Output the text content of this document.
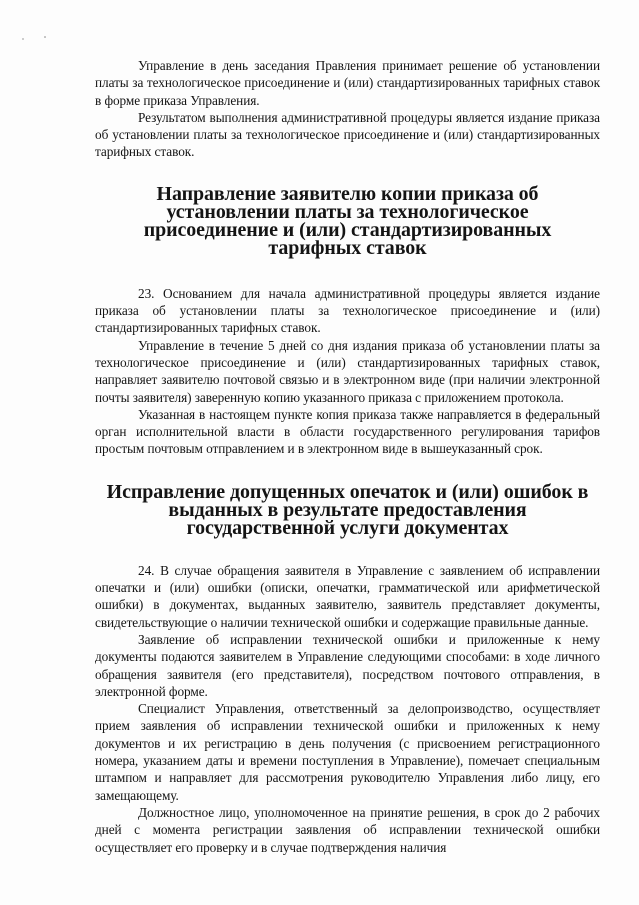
Управление в день заседания Правления принимает решение об установлении платы за технологическое присоединение и (или) стандартизированных тарифных ставок в форме приказа Управления.

Результатом выполнения административной процедуры является издание приказа об установлении платы за технологическое присоединение и (или) стандартизированных тарифных ставок.

Направление заявителю копии приказа об установлении платы за технологическое присоединение и (или) стандартизированных тарифных ставок

23. Основанием для начала административной процедуры является издание приказа об установлении платы за технологическое присоединение и (или) стандартизированных тарифных ставок.

Управление в течение 5 дней со дня издания приказа об установлении платы за технологическое присоединение и (или) стандартизированных тарифных ставок, направляет заявителю почтовой связью и в электронном виде (при наличии электронной почты заявителя) заверенную копию указанного приказа с приложением протокола.

Указанная в настоящем пункте копия приказа также направляется в федеральный орган исполнительной власти в области государственного регулирования тарифов простым почтовым отправлением и в электронном виде в вышеуказанный срок.

Исправление допущенных опечаток и (или) ошибок в выданных в результате предоставления государственной услуги документах

24. В случае обращения заявителя в Управление с заявлением об исправлении опечатки и (или) ошибки (описки, опечатки, грамматической или арифметической ошибки) в документах, выданных заявителю, заявитель представляет документы, свидетельствующие о наличии технической ошибки и содержащие правильные данные.

Заявление об исправлении технической ошибки и приложенные к нему документы подаются заявителем в Управление следующими способами: в ходе личного обращения заявителя (его представителя), посредством почтового отправления, в электронной форме.

Специалист Управления, ответственный за делопроизводство, осуществляет прием заявления об исправлении технической ошибки и приложенных к нему документов и их регистрацию в день получения (с присвоением регистрационного номера, указанием даты и времени поступления в Управление), помечает специальным штампом и направляет для рассмотрения руководителю Управления либо лицу, его замещающему.

Должностное лицо, уполномоченное на принятие решения, в срок до 2 рабочих дней с момента регистрации заявления об исправлении технической ошибки осуществляет его проверку и в случае подтверждения наличия
